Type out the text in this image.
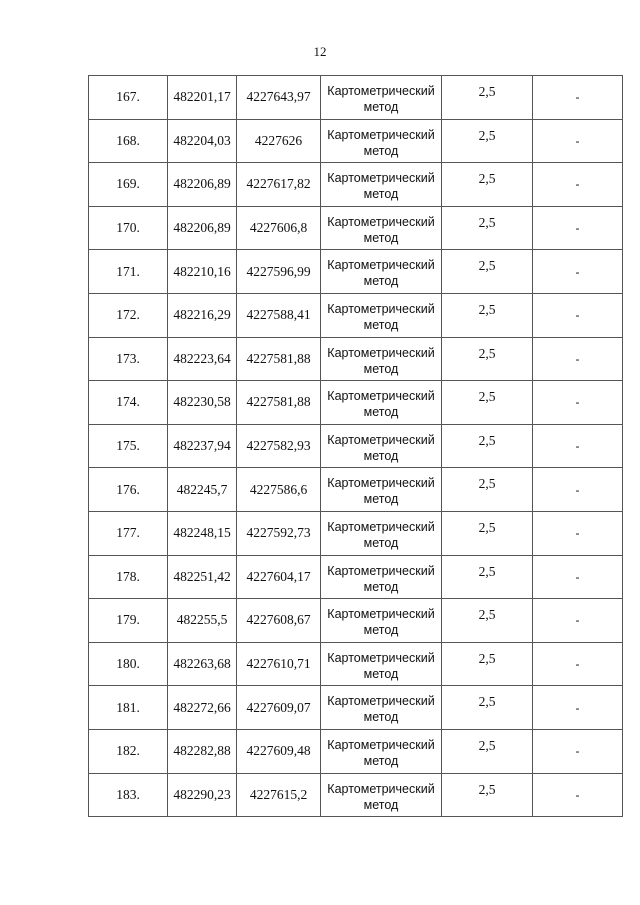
12
167.	482201,17	4227643,97	Картометрический
метод	2,5	-
168.	482204,03	4227626	Картометрический
метод	2,5	-
169.	482206,89	4227617,82	Картометрический
метод	2,5	-
170.	482206,89	4227606,8	Картометрический
метод	2,5	-
171.	482210,16	4227596,99	Картометрический
метод	2,5	-
172.	482216,29	4227588,41	Картометрический
метод	2,5	-
173.	482223,64	4227581,88	Картометрический
метод	2,5	-
174.	482230,58	4227581,88	Картометрический
метод	2,5	-
175.	482237,94	4227582,93	Картометрический
метод	2,5	-
176.	482245,7	4227586,6	Картометрический
метод	2,5	-
177.	482248,15	4227592,73	Картометрический
метод	2,5	-
178.	482251,42	4227604,17	Картометрический
метод	2,5	-
179.	482255,5	4227608,67	Картометрический
метод	2,5	-
180.	482263,68	4227610,71	Картометрический
метод	2,5	-
181.	482272,66	4227609,07	Картометрический
метод	2,5	-
182.	482282,88	4227609,48	Картометрический
метод	2,5	-
183.	482290,23	4227615,2	Картометрический
метод	2,5	-
